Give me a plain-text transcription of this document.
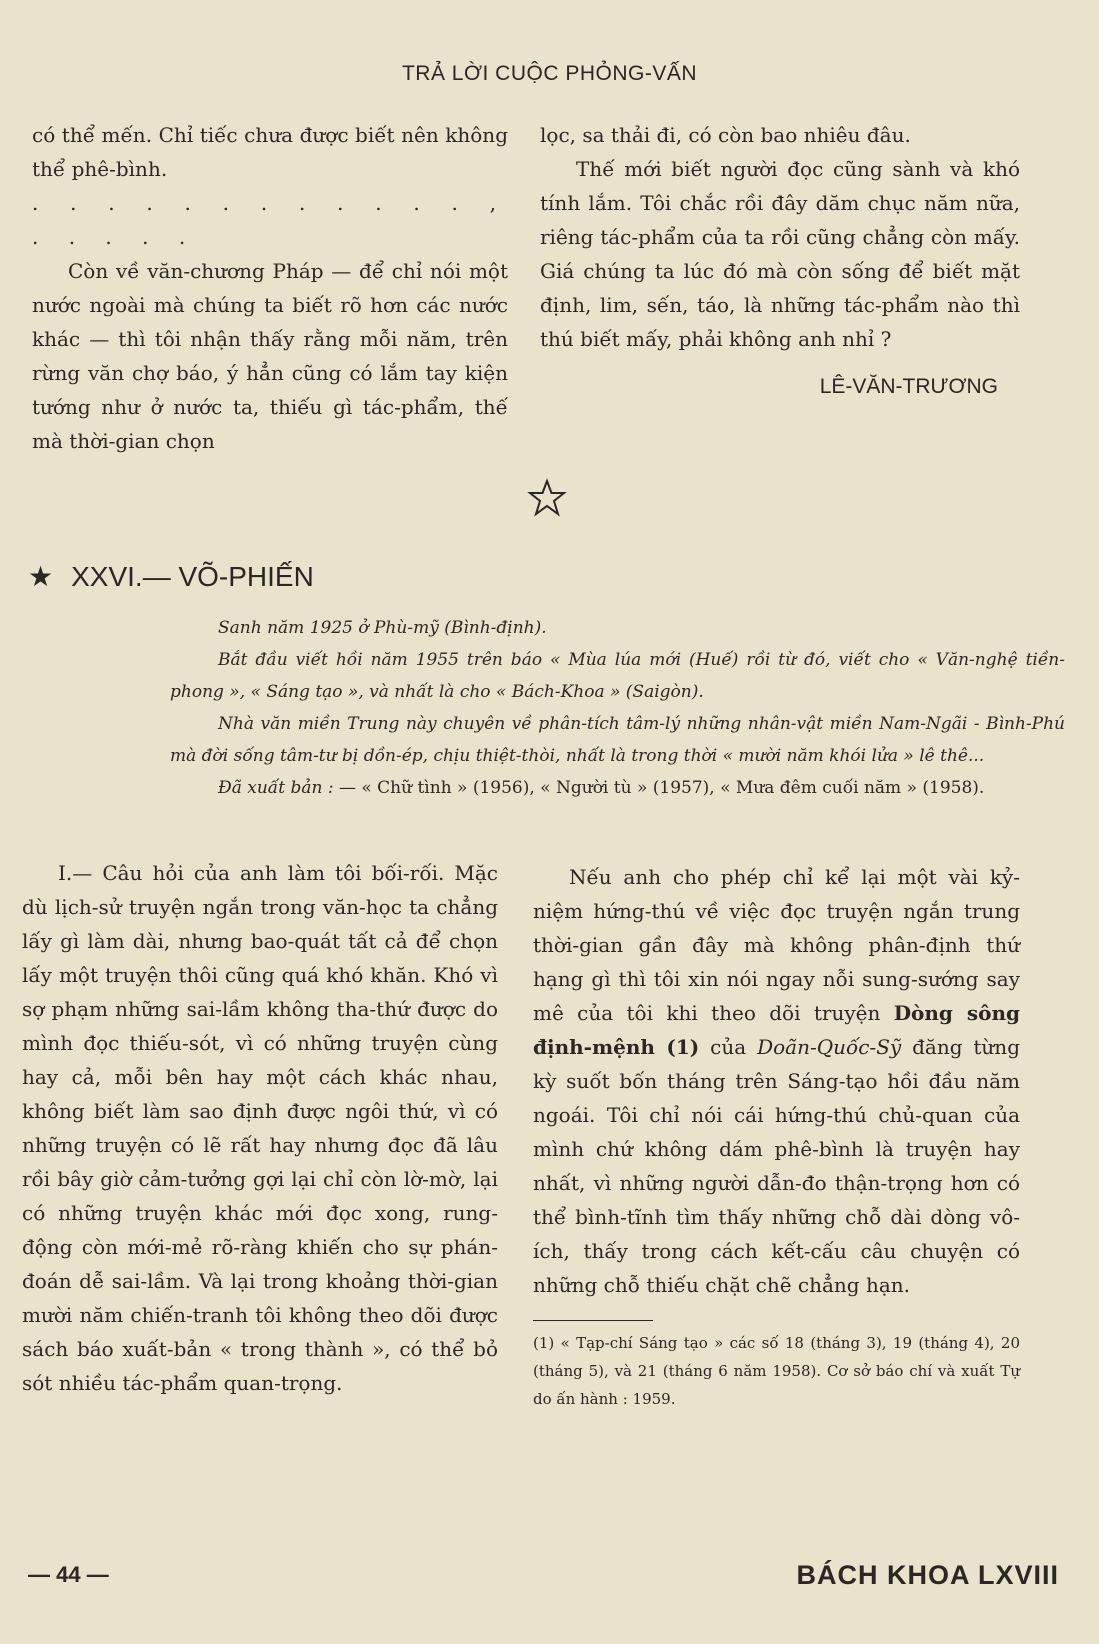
TRẢ LỜI CUỘC PHỎNG-VẤN

có thể mến. Chỉ tiếc chưa được biết nên không thể phê-bình.

. . . . . . . . . . . . , . . . . .

Còn về văn-chương Pháp — để chỉ nói một nước ngoài mà chúng ta biết rõ hơn các nước khác — thì tôi nhận thấy rằng mỗi năm, trên rừng văn chợ báo, ý hẳn cũng có lắm tay kiện tướng như ở nước ta, thiếu gì tác-phẩm, thế mà thời-gian chọn

lọc, sa thải đi, có còn bao nhiêu đâu.

Thế mới biết người đọc cũng sành và khó tính lắm. Tôi chắc rồi đây dăm chục năm nữa, riêng tác-phẩm của ta rồi cũng chẳng còn mấy. Giá chúng ta lúc đó mà còn sống để biết mặt định, lim, sến, táo, là những tác-phẩm nào thì thú biết mấy, phải không anh nhỉ ?

LÊ-VĂN-TRƯƠNG
★ XXVI.— VÕ-PHIẾN

Sanh năm 1925 ở Phù-mỹ (Bình-định).

Bắt đầu viết hồi năm 1955 trên báo « Mùa lúa mới (Huế) rồi từ đó, viết cho « Văn-nghệ tiền-phong », « Sáng tạo », và nhất là cho « Bách-Khoa » (Saigòn).

Nhà văn miền Trung này chuyên về phân-tích tâm-lý những nhân-vật miền Nam-Ngãi - Bình-Phú mà đời sống tâm-tư bị dồn-ép, chịu thiệt-thòi, nhất là trong thời « mười năm khói lửa » lê thê...

Đã xuất bản : — « Chữ tình » (1956), « Người tù » (1957), « Mưa đêm cuối năm » (1958).

I.— Câu hỏi của anh làm tôi bối-rối. Mặc dù lịch-sử truyện ngắn trong văn-học ta chẳng lấy gì làm dài, nhưng bao-quát tất cả để chọn lấy một truyện thôi cũng quá khó khăn. Khó vì sợ phạm những sai-lầm không tha-thứ được do mình đọc thiếu-sót, vì có những truyện cùng hay cả, mỗi bên hay một cách khác nhau, không biết làm sao định được ngôi thứ, vì có những truyện có lẽ rất hay nhưng đọc đã lâu rồi bây giờ cảm-tưởng gợi lại chỉ còn lờ-mờ, lại có những truyện khác mới đọc xong, rung-động còn mới-mẻ rõ-ràng khiến cho sự phán-đoán dễ sai-lầm. Và lại trong khoảng thời-gian mười năm chiến-tranh tôi không theo dõi được sách báo xuất-bản « trong thành », có thể bỏ sót nhiều tác-phẩm quan-trọng.

Nếu anh cho phép chỉ kể lại một vài kỷ-niệm hứng-thú về việc đọc truyện ngắn trung thời-gian gần đây mà không phân-định thứ hạng gì thì tôi xin nói ngay nỗi sung-sướng say mê của tôi khi theo dõi truyện Dòng sông định-mệnh (1) của Doãn-Quốc-Sỹ đăng từng kỳ suốt bốn tháng trên Sáng-tạo hồi đầu năm ngoái. Tôi chỉ nói cái hứng-thú chủ-quan của mình chứ không dám phê-bình là truyện hay nhất, vì những người dẫn-đo thận-trọng hơn có thể bình-tĩnh tìm thấy những chỗ dài dòng vô-ích, thấy trong cách kết-cấu câu chuyện có những chỗ thiếu chặt chẽ chẳng hạn.

(1) « Tạp-chí Sáng tạo » các số 18 (tháng 3), 19 (tháng 4), 20 (tháng 5), và 21 (tháng 6 năm 1958). Cơ sở báo chí và xuất Tự do ấn hành : 1959.
— 44 —	BÁCH KHOA LXVIII
